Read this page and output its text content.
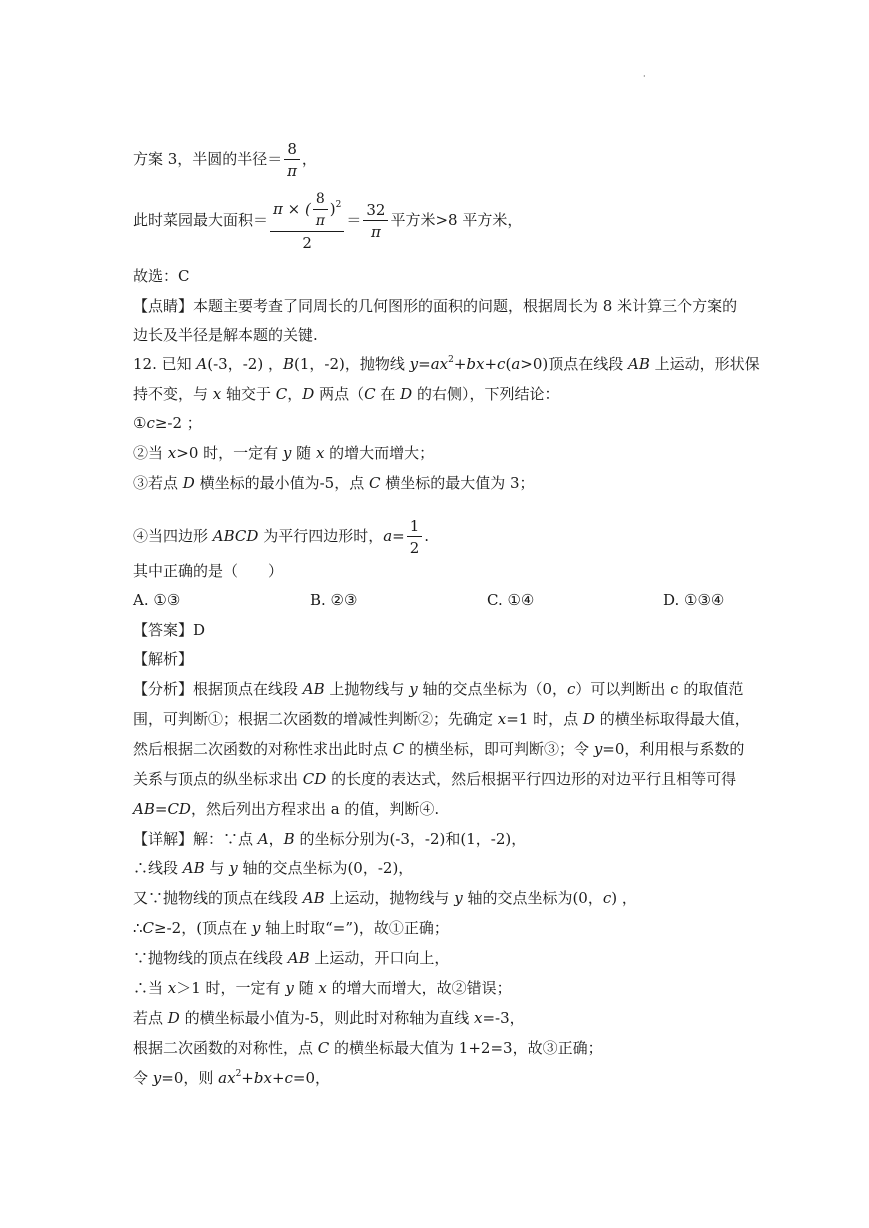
·
方案 3，半圆的半径＝ $\frac{8}{\pi}$ ，
此时菜园最大面积＝ $\frac{\pi \times ( \frac{8}{\pi} )^2}{2} = \frac{32}{\pi}$ 平方米>8 平方米，
故选：C
【点睛】本题主要考查了同周长的几何图形的面积的问题，根据周长为 8 米计算三个方案的
边长及半径是解本题的关键.
12. 已知 A(-3，-2) ，B(1，-2)，抛物线 $y=ax^2+bx+c(a>0)$顶点在线段 AB 上运动，形状保
持不变，与 x 轴交于 C，D 两点（C 在 D 的右侧），下列结论：
①c≥-2 ；
②当 x>0 时，一定有 y 随 x 的增大而增大；
③若点 D 横坐标的最小值为-5，点 C 横坐标的最大值为 3；
④当四边形 ABCD 为平行四边形时，$a= \frac{1}{2}$ .
其中正确的是（　　）
A. ①③	B. ②③	C. ①④	D. ①③④
【答案】D
【解析】
【分析】根据顶点在线段 AB 上抛物线与 y 轴的交点坐标为（0，c）可以判断出 c 的取值范
围，可判断①；根据二次函数的增减性判断②；先确定 x=1 时，点 D 的横坐标取得最大值，
然后根据二次函数的对称性求出此时点 C 的横坐标，即可判断③；令 y=0，利用根与系数的
关系与顶点的纵坐标求出 CD 的长度的表达式，然后根据平行四边形的对边平行且相等可得
AB=CD，然后列出方程求出 a 的值，判断④.
【详解】解：∵点 A，B 的坐标分别为(-3，-2)和(1，-2)，
∴线段 AB 与 y 轴的交点坐标为(0，-2)，
又∵抛物线的顶点在线段 AB 上运动，抛物线与 y 轴的交点坐标为(0，c) ，
∴C≥-2，(顶点在 y 轴上时取“=”)，故①正确；
∵抛物线的顶点在线段 AB 上运动，开口向上，
∴当 x＞1 时，一定有 y 随 x 的增大而增大，故②错误；
若点 D 的横坐标最小值为-5，则此时对称轴为直线 x=-3，
根据二次函数的对称性，点 C 的横坐标最大值为 1+2=3，故③正确；
令 y=0，则 $ax^2+bx+c=0$，
